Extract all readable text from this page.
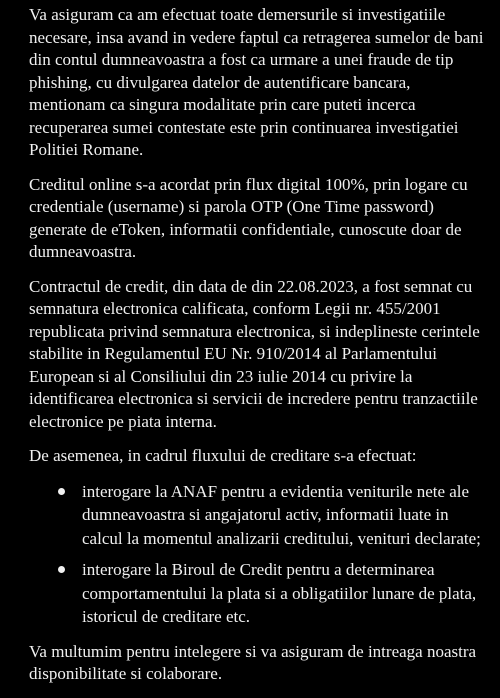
Va asiguram ca am efectuat toate demersurile si investigatiile necesare, insa avand in vedere faptul ca retragerea sumelor de bani din contul dumneavoastra a fost ca urmare a unei fraude de tip phishing, cu divulgarea datelor de autentificare bancara, mentionam ca singura modalitate prin care puteti incerca recuperarea sumei contestate este prin continuarea investigatiei Politiei Romane.

Creditul online s-a acordat prin flux digital 100%, prin logare cu credentiale (username) si parola OTP (One Time password) generate de eToken, informatii confidentiale, cunoscute doar de dumneavoastra.

Contractul de credit, din data de din 22.08.2023, a fost semnat cu semnatura electronica calificata, conform Legii nr. 455/2001 republicata privind semnatura electronica, si indeplineste cerintele stabilite in Regulamentul EU Nr. 910/2014 al Parlamentului European si al Consiliului din 23 iulie 2014 cu privire la identificarea electronica si servicii de incredere pentru tranzactiile electronice pe piata interna.

De asemenea, in cadrul fluxului de creditare s-a efectuat:

interogare la ANAF pentru a evidentia veniturile nete ale dumneavoastra si angajatorul activ, informatii luate in calcul la momentul analizarii creditului, venituri declarate;
interogare la Biroul de Credit pentru a determinarea comportamentului la plata si a obligatiilor lunare de plata, istoricul de creditare etc.

Va multumim pentru intelegere si va asiguram de intreaga noastra disponibilitate si colaborare.
